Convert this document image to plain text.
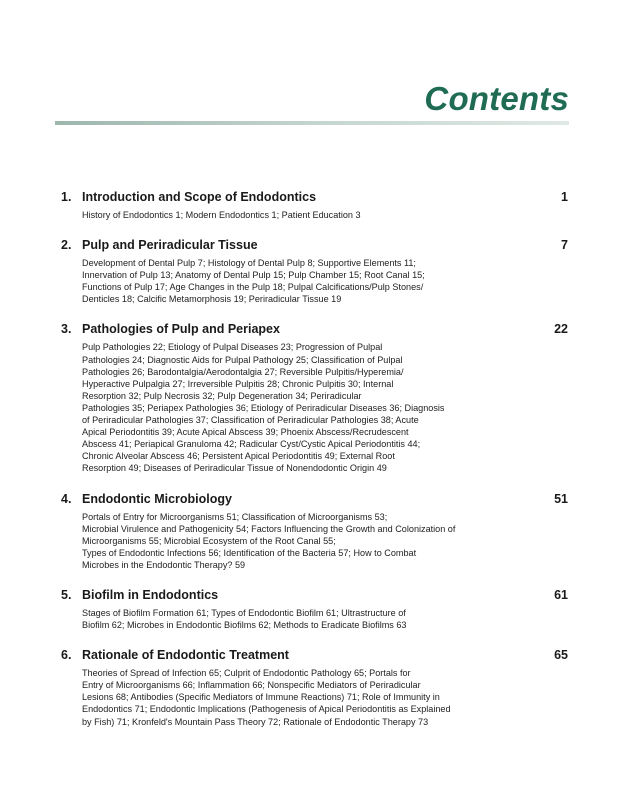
Contents
1. Introduction and Scope of Endodontics	1
History of Endodontics 1; Modern Endodontics 1; Patient Education 3
2. Pulp and Periradicular Tissue	7
Development of Dental Pulp 7; Histology of Dental Pulp 8; Supportive Elements 11;
Innervation of Pulp 13; Anatomy of Dental Pulp 15; Pulp Chamber 15; Root Canal 15;
Functions of Pulp 17; Age Changes in the Pulp 18; Pulpal Calcifications/Pulp Stones/
Denticles 18; Calcific Metamorphosis 19; Periradicular Tissue 19
3. Pathologies of Pulp and Periapex	22
Pulp Pathologies 22; Etiology of Pulpal Diseases 23; Progression of Pulpal
Pathologies 24; Diagnostic Aids for Pulpal Pathology 25; Classification of Pulpal
Pathologies 26; Barodontalgia/Aerodontalgia 27; Reversible Pulpitis/Hyperemia/
Hyperactive Pulpalgia 27; Irreversible Pulpitis 28; Chronic Pulpitis 30; Internal
Resorption 32; Pulp Necrosis 32; Pulp Degeneration 34; Periradicular
Pathologies 35; Periapex Pathologies 36; Etiology of Periradicular Diseases 36; Diagnosis
of Periradicular Pathologies 37; Classification of Periradicular Pathologies 38; Acute
Apical Periodontitis 39; Acute Apical Abscess 39; Phoenix Abscess/Recrudescent
Abscess 41; Periapical Granuloma 42; Radicular Cyst/Cystic Apical Periodontitis 44;
Chronic Alveolar Abscess 46; Persistent Apical Periodontitis 49; External Root
Resorption 49; Diseases of Periradicular Tissue of Nonendodontic Origin 49
4. Endodontic Microbiology	51
Portals of Entry for Microorganisms 51; Classification of Microorganisms 53;
Microbial Virulence and Pathogenicity 54; Factors Influencing the Growth and Colonization of
Microorganisms 55; Microbial Ecosystem of the Root Canal 55;
Types of Endodontic Infections 56; Identification of the Bacteria 57; How to Combat
Microbes in the Endodontic Therapy? 59
5. Biofilm in Endodontics	61
Stages of Biofilm Formation 61; Types of Endodontic Biofilm 61; Ultrastructure of
Biofilm 62; Microbes in Endodontic Biofilms 62; Methods to Eradicate Biofilms 63
6. Rationale of Endodontic Treatment	65
Theories of Spread of Infection 65; Culprit of Endodontic Pathology 65; Portals for
Entry of Microorganisms 66; Inflammation 66; Nonspecific Mediators of Periradicular
Lesions 68; Antibodies (Specific Mediators of Immune Reactions) 71; Role of Immunity in
Endodontics 71; Endodontic Implications (Pathogenesis of Apical Periodontitis as Explained
by Fish) 71; Kronfeld's Mountain Pass Theory 72; Rationale of Endodontic Therapy 73
